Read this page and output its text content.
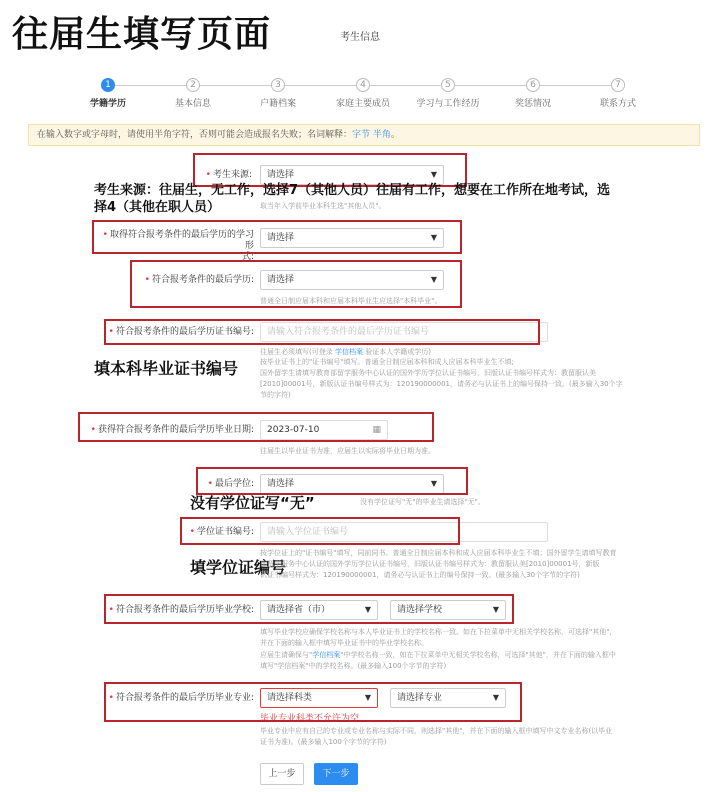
往届生填写页面	考生信息
1
学籍学历
2
基本信息
3
户籍档案
4
家庭主要成员
5
学习与工作经历
6
奖惩情况
7
联系方式
在输入数字或字母时，请使用半角字符，否则可能会造成报名失败；名词解释：字节 半角。
• 考生来源:	请选择	▼
考生来源：往届生，无工作，选择7（其他人员）往届有工作，想要在工作所在地考试，选
择4（其他在职人员）	取当年入学前毕业本科生选"其他人员"。
• 取得符合报考条件的最后学历的学习形
式:
请选择	▼
• 符合报考条件的最后学历:	请选择	▼
普通全日制应届本科和应届本科毕业生应选择"本科毕业"。
• 符合报考条件的最后学历证书编号:	请输入符合报考条件的最后学历证书编号
往届生必须填写(可登录 学信档案 验证本人学籍或学历)
填本科毕业证书编号	按毕业证书上的"证书编号"填写。普通全日制应届本科和成人应届本科毕业生不填;
国外留学生请填写教育部留学服务中心认证的国外学历学位认证书编号，旧版认证书编号样式为：教留服认美
[2010]00001号，新版认证书编号样式为：120190000001，请务必与认证书上的编号保持一致。(最多输入30个字
节的字符)
• 获得符合报考条件的最后学历毕业日期:	2023-07-10	▦
往届生以毕业证书为准，应届生以实际将毕业日期为准。
• 最后学位:	请选择	▼
没有学位证写“无”	没有学位证写"无"的毕业生请选择"无"。
• 学位证书编号:	请输入学位证书编号
填学位证编号
按学位证上的"证书编号"填写，同前同书。普通全日制应届本科和成人应届本科毕业生不填；国外留学生请填写教育
部留学服务中心认证的国外学历学位认证书编号，旧版认证书编号样式为：教留服认美[2010]00001号，新版
认证书编号样式为：120190000001，请务必与认证书上的编号保持一致。(最多输入30个字节的字符)
• 符合报考条件的最后学历毕业学校:	请选择省（市）	▼	请选择学校	▼
填写毕业学校应确保学校名称与本人毕业证书上的学校名称一致。如在下拉菜单中无相关学校名称，可选择"其他"，
并在下面的输入框中填写毕业证书中的毕业学校名称。
应届生请确保与"学信档案"中学校名称一致，如在下拉菜单中无相关学校名称，可选择"其他"，并在下面的输入框中
填写"学信档案"中的学校名称。(最多输入100个字节的字符)
• 符合报考条件的最后学历毕业专业:	请选择科类	▼	请选择专业	▼
毕业专业科类不允许为空
毕业专业中应有自己的专业或专业名称与实际不同，则选择"其他"，并在下面的输入框中填写中文专业名称(以毕业
证书为准)。(最多输入100个字节的字符)
上一步	下一步
